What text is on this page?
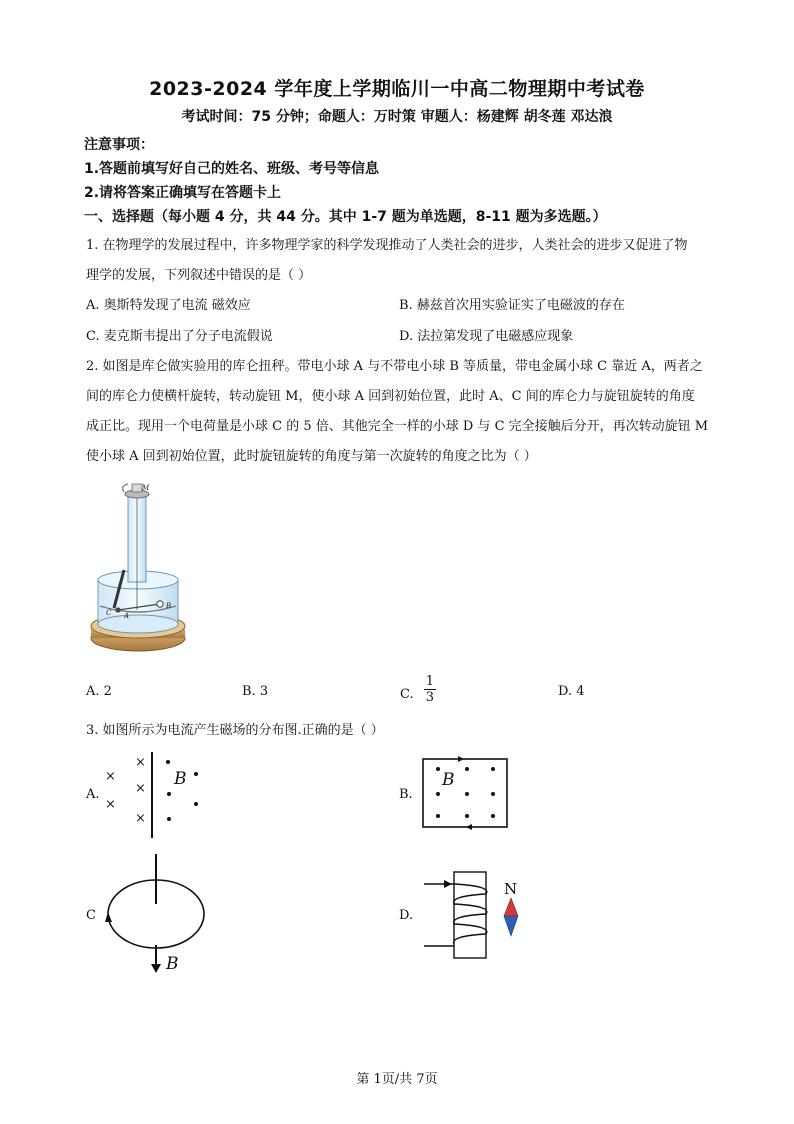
2023-2024 学年度上学期临川一中高二物理期中考试卷
考试时间：75 分钟；命题人：万时策 审题人：杨建辉 胡冬莲 邓达浪
注意事项：
1.答题前填写好自己的姓名、班级、考号等信息
2.请将答案正确填写在答题卡上
一、选择题（每小题 4 分，共 44 分。其中 1-7 题为单选题，8-11 题为多选题。）
1. 在物理学的发展过程中，许多物理学家的科学发现推动了人类社会的进步，人类社会的进步又促进了物
理学的发展，下列叙述中错误的是（ ）
A. 奥斯特发现了电流 磁效应	B. 赫兹首次用实验证实了电磁波的存在
C. 麦克斯韦提出了分子电流假说	D. 法拉第发现了电磁感应现象
2. 如图是库仑做实验用的库仑扭秤。带电小球 A 与不带电小球 B 等质量，带电金属小球 C 靠近 A，两者之
间的库仑力使横杆旋转，转动旋钮 M，使小球 A 回到初始位置，此时 A、C 间的库仑力与旋钮旋转的角度
成正比。现用一个电荷量是小球 C 的 5 倍、其他完全一样的小球 D 与 C 完全接触后分开，再次转动旋钮 M
使小球 A 回到初始位置，此时旋钮旋转的角度与第一次旋转的角度之比为（ ）
M
B
C A
A. 2	B. 3	C. $\frac{1}{3}$	D. 4
3. 如图所示为电流产生磁场的分布图.正确的是（ ）
A.
×
×
×
×
×
B
B.
B
C
B
D.
N
第 1页/共 7页
